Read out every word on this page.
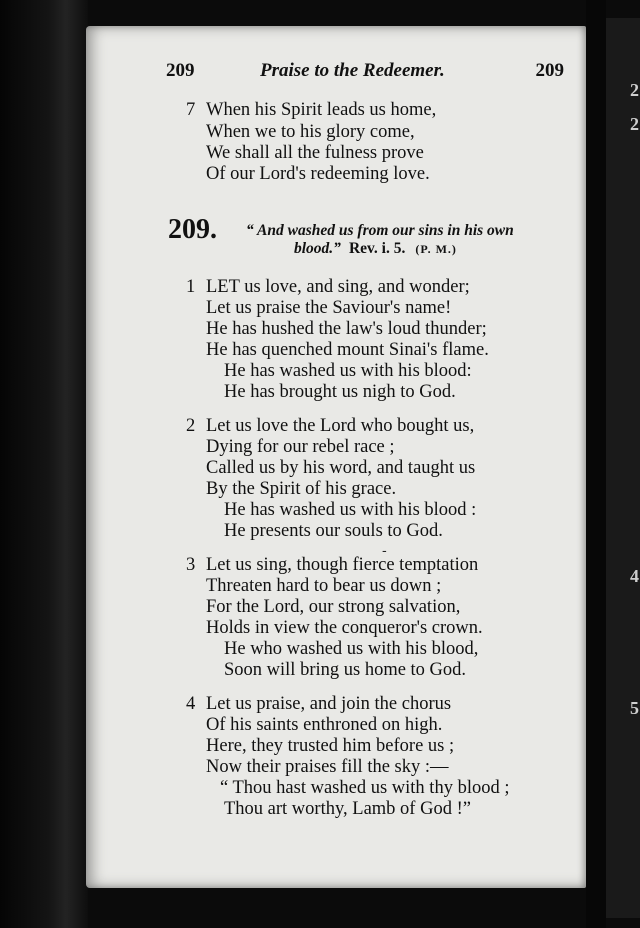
2
2
4
5
209	Praise to the Redeemer.	209
7 When his Spirit leads us home,
When we to his glory come,
We shall all the fulness prove
Of our Lord's redeeming love.
209. “ And washed us from our sins in his own
blood.” Rev. i. 5. (P. M.)
1 LET us love, and sing, and wonder;
Let us praise the Saviour's name!
He has hushed the law's loud thunder;
He has quenched mount Sinai's flame.
He has washed us with his blood:
He has brought us nigh to God.
2 Let us love the Lord who bought us,
Dying for our rebel race ;
Called us by his word, and taught us
By the Spirit of his grace.
He has washed us with his blood :
He presents our souls to God.
-
3 Let us sing, though fierce temptation
Threaten hard to bear us down ;
For the Lord, our strong salvation,
Holds in view the conqueror's crown.
He who washed us with his blood,
Soon will bring us home to God.
4 Let us praise, and join the chorus
Of his saints enthroned on high.
Here, they trusted him before us ;
Now their praises fill the sky :—
“ Thou hast washed us with thy blood ;
Thou art worthy, Lamb of God !”
